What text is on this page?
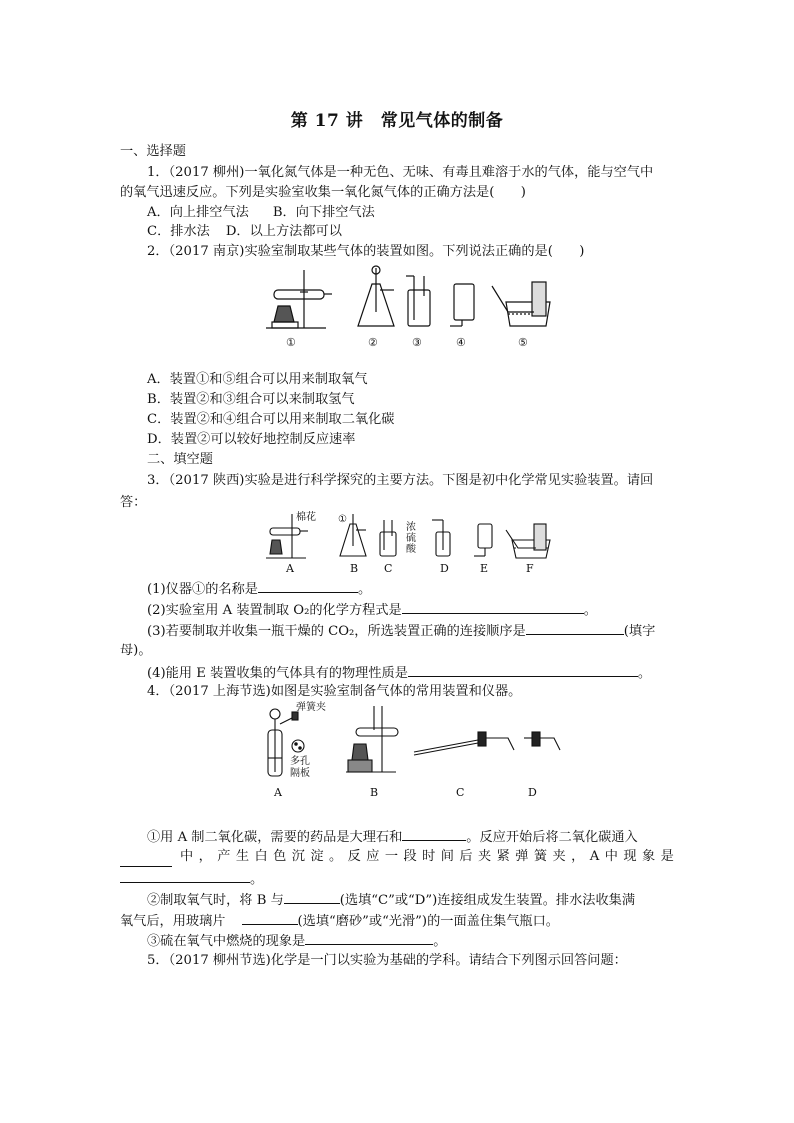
第 17 讲　常见气体的制备
一、选择题
1．（2017 柳州)一氧化氮气体是一种无色、无味、有毒且难溶于水的气体，能与空气中
的氧气迅速反应。下列是实验室收集一氧化氮气体的正确方法是(　　)
A．向上排空气法 B．向下排空气法
C．排水法 D．以上方法都可以
2．（2017 南京)实验室制取某些气体的装置如图。下列说法正确的是(　　)
①	②	③	④	⑤
A．装置①和⑤组合可以用来制取氧气
B．装置②和③组合可以来制取氢气
C．装置②和④组合可以用来制取二氧化碳
D．装置②可以较好地控制反应速率
二、填空题
3．（2017 陕西)实验是进行科学探究的主要方法。下图是初中化学常见实验装置。请回
答：
棉花 ①
浓
硫
酸
A	B C	D	E	F
(1)仪器①的名称是	。
(2)实验室用 A 装置制取 O₂的化学方程式是	。
(3)若要制取并收集一瓶干燥的 CO₂，所选装置正确的连接顺序是	(填字
母)。
(4)能用 E 装置收集的气体具有的物理性质是	。
4．（2017 上海节选)如图是实验室制备气体的常用装置和仪器。
弹簧夹
多孔
隔板
A	B	C	D
①用 A 制二氧化碳，需要的药品是大理石和	。反应开始后将二氧化碳通入
中 ， 产 生 白 色 沉 淀 。 反 应 一 段 时 间 后 夹 紧 弹 簧 夹 ， A 中 现 象 是
。
②制取氧气时，将 B 与	(选填“C”或“D”)连接组成发生装置。排水法收集满
氧气后，用玻璃片	(选填“磨砂”或“光滑”)的一面盖住集气瓶口。
③硫在氧气中燃烧的现象是	。
5．（2017 柳州节选)化学是一门以实验为基础的学科。请结合下列图示回答问题：
